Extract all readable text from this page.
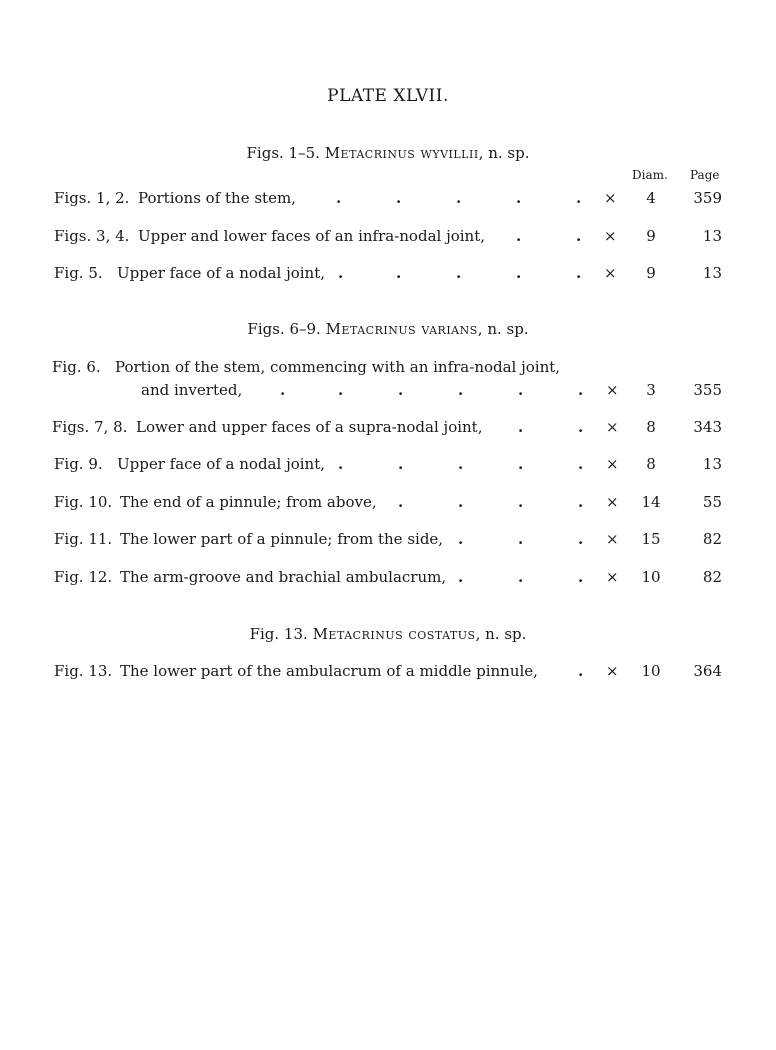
PLATE XLVII.
Figs. 1–5. Metacrinus wyvillii, n. sp.
Diam. Page
Figs. 1, 2. Portions of the stem,	.	.	.	.	. ×	4	359
Figs. 3, 4. Upper and lower faces of an infra-nodal joint, .	. ×	9	13
Fig. 5. Upper face of a nodal joint, .	.	.	.	. ×	9	13
Figs. 6–9. Metacrinus varians, n. sp.
Fig. 6. Portion of the stem, commencing with an infra-nodal joint,
and inverted,	.	.	.	.	.	. ×	3	355
Figs. 7, 8. Lower and upper faces of a supra-nodal joint, .	. ×	8	343
Fig. 9. Upper face of a nodal joint, .	.	.	.	. ×	8	13
Fig. 10. The end of a pinnule; from above, .	.	.	. ×	14	55
Fig. 11. The lower part of a pinnule; from the side, .	.	. ×	15	82
Fig. 12. The arm-groove and brachial ambulacrum, .	.	. ×	10	82
Fig. 13. Metacrinus costatus, n. sp.
Fig. 13. The lower part of the ambulacrum of a middle pinnule,	. ×	10	364
